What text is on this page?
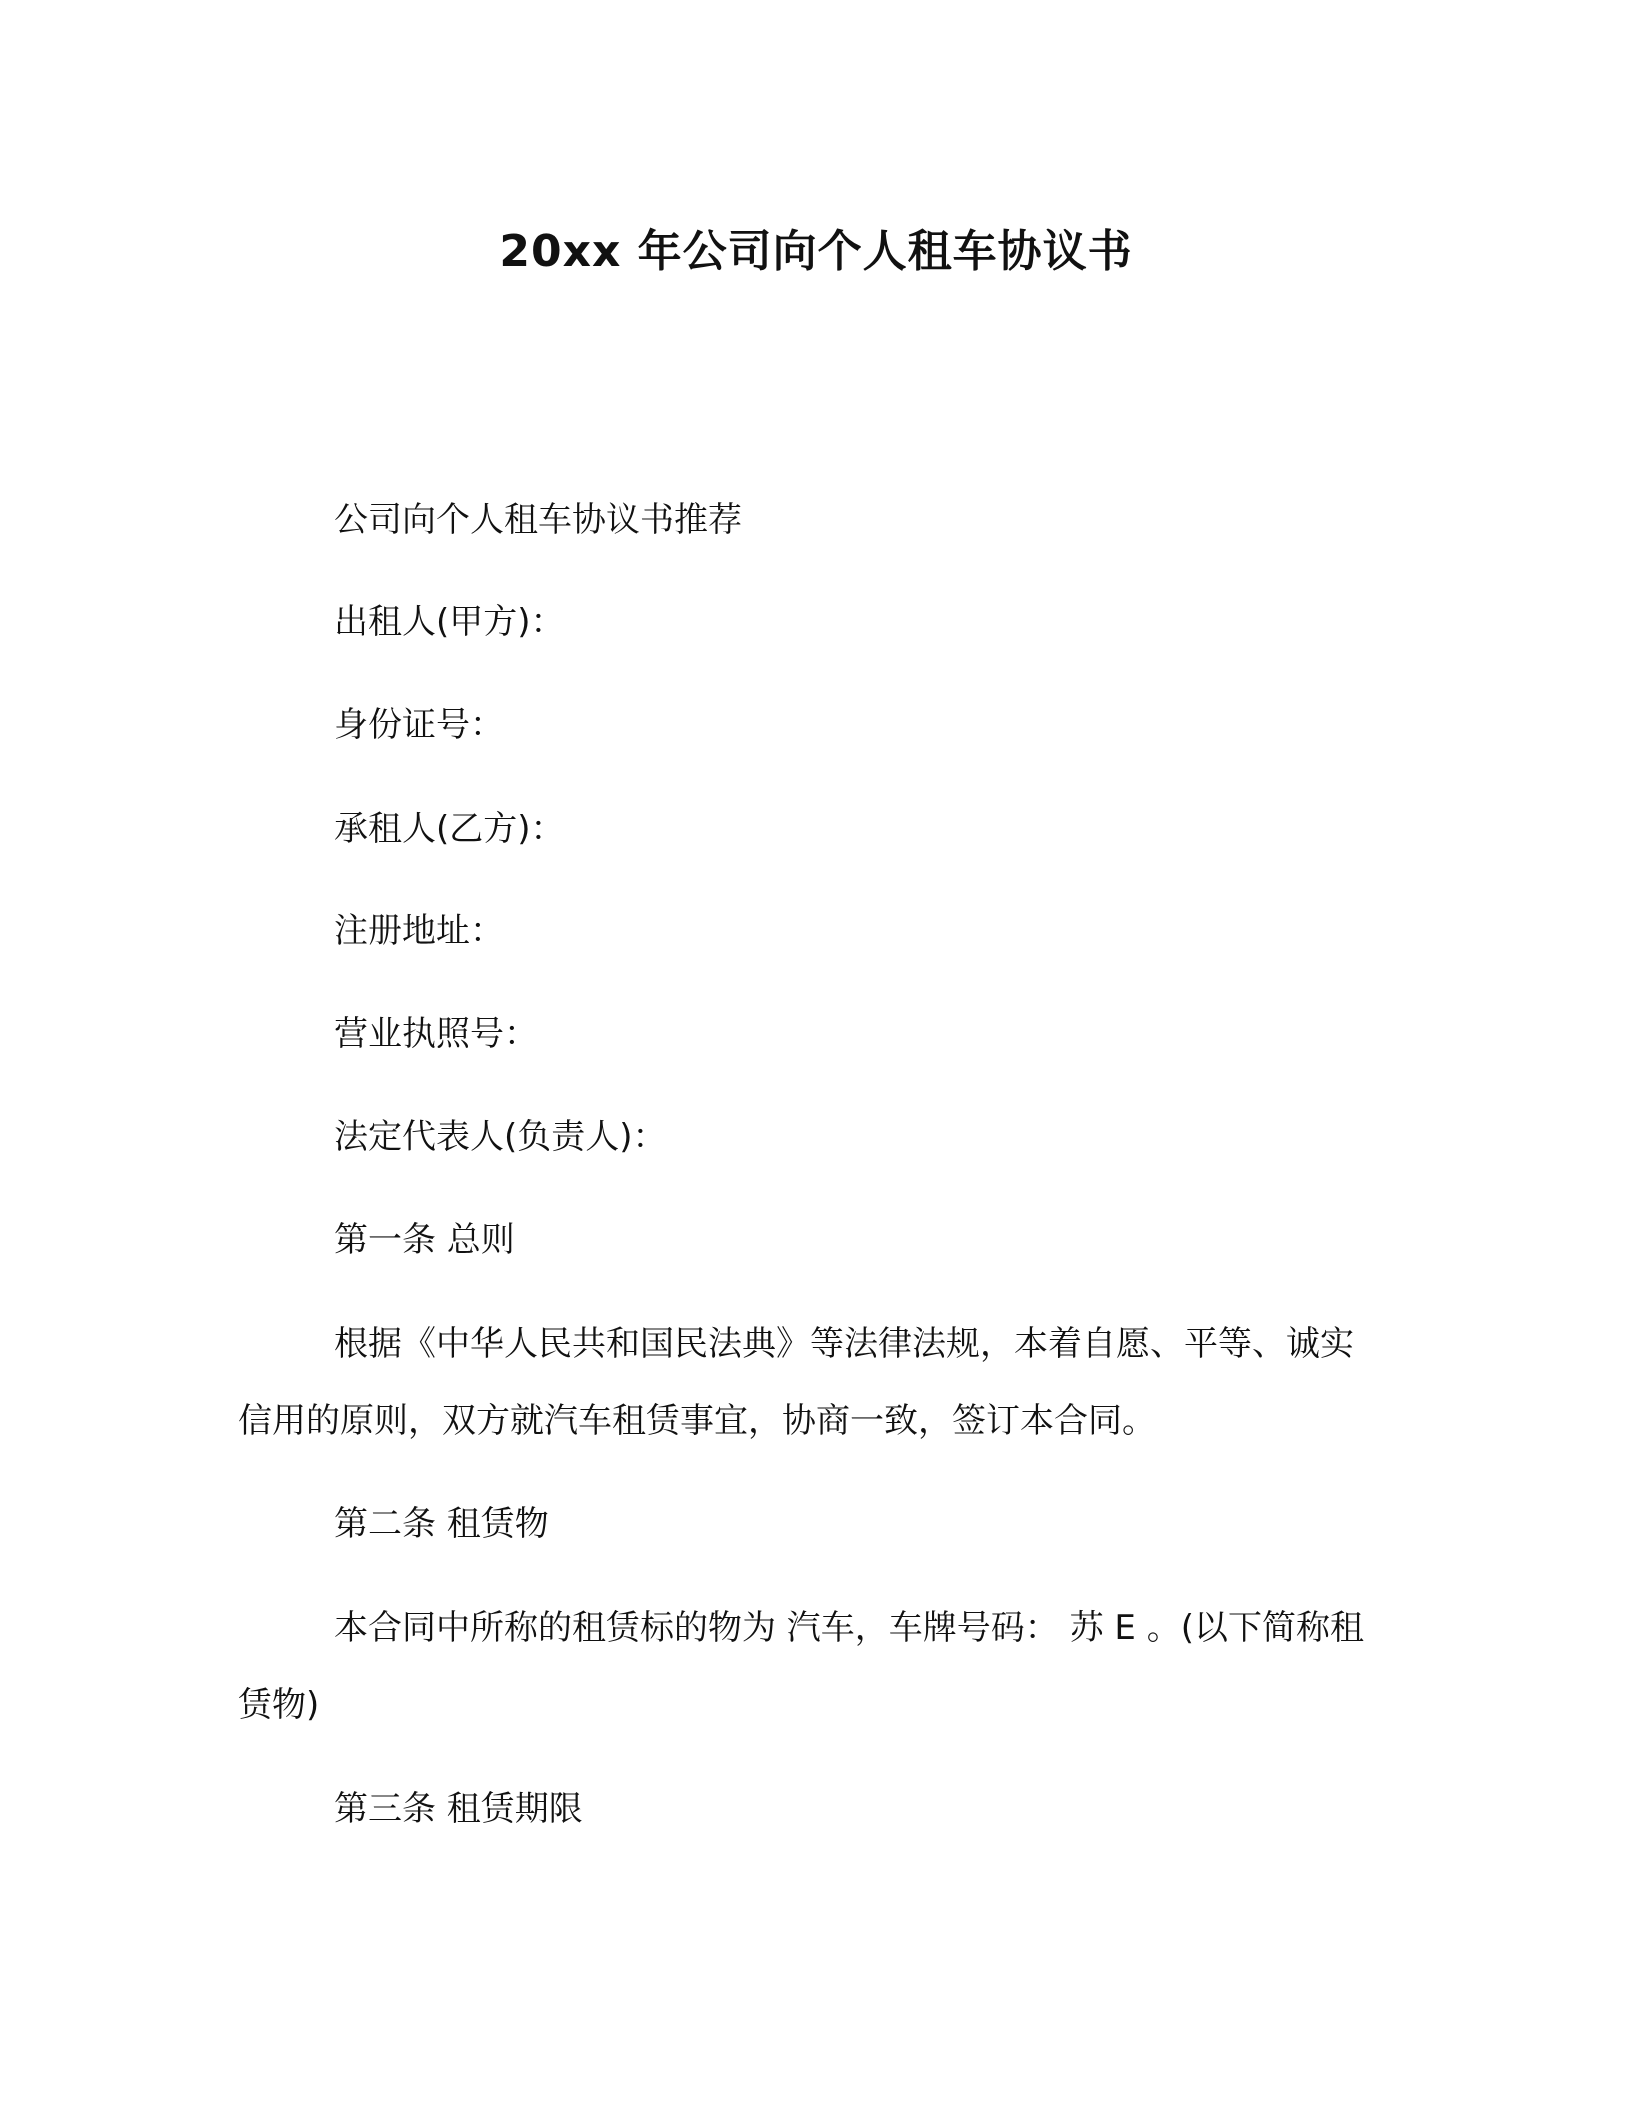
20xx 年公司向个人租车协议书
公司向个人租车协议书推荐
出租人(甲方)：
身份证号：
承租人(乙方)：
注册地址：
营业执照号：
法定代表人(负责人)：
第一条 总则
根据《中华人民共和国民法典》等法律法规，本着自愿、平等、诚实信用的原则，双方就汽车租赁事宜，协商一致，签订本合同。
第二条 租赁物
本合同中所称的租赁标的物为 汽车，车牌号码： 苏 E 。(以下简称租赁物)
第三条 租赁期限
